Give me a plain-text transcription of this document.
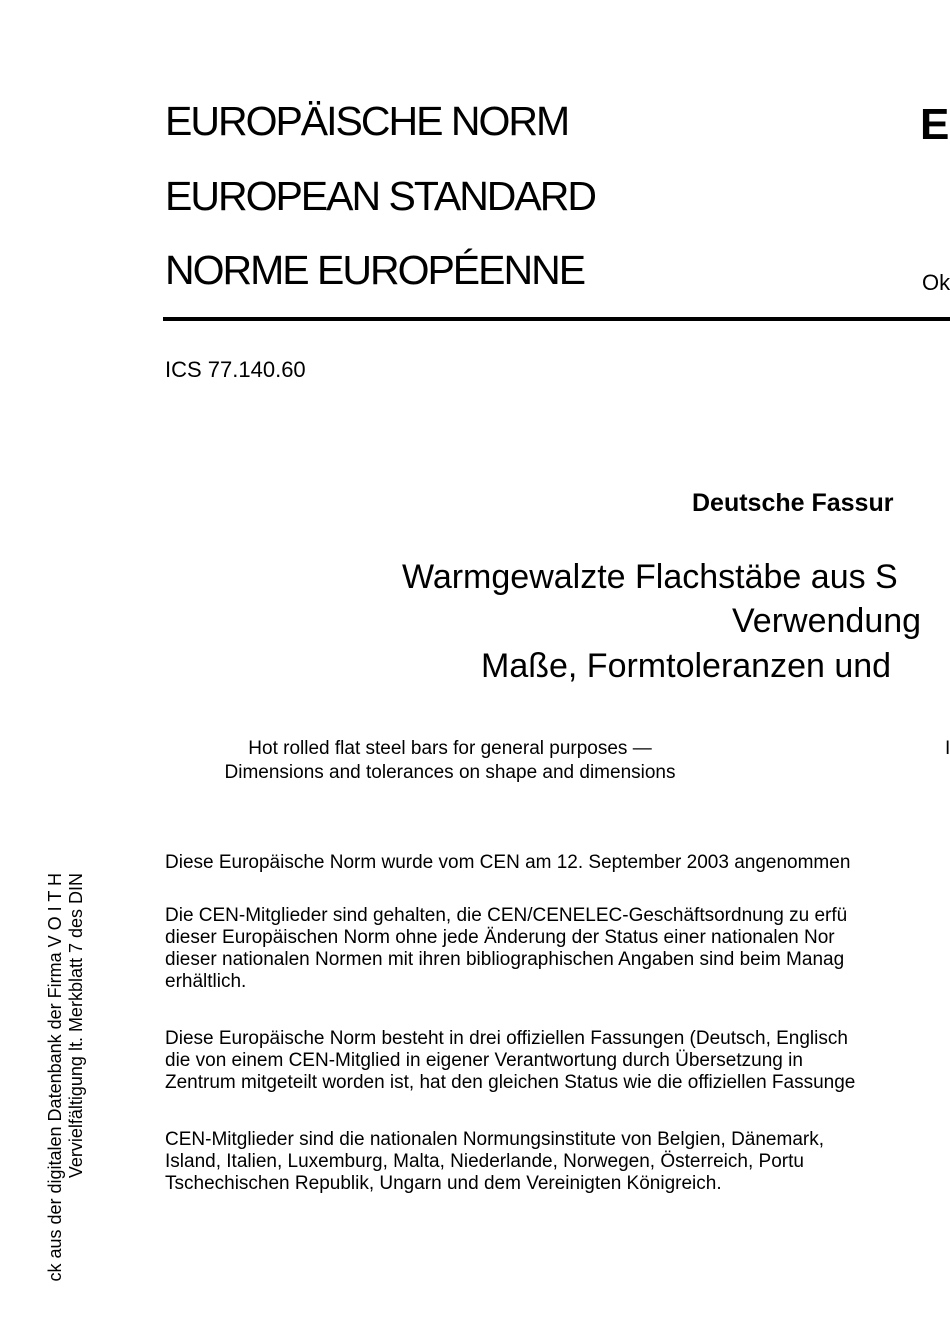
EUROPÄISCHE NORM
EUROPEAN STANDARD
NORME EUROPÉENNE
E
Ok
ICS 77.140.60
Deutsche Fassur
Warmgewalzte Flachstäbe aus S
Verwendung
Maße, Formtoleranzen und
Hot rolled flat steel bars for general purposes —
Dimensions and tolerances on shape and dimensions
I
Diese Europäische Norm wurde vom CEN am 12. September 2003 angenommen
Die CEN-Mitglieder sind gehalten, die CEN/CENELEC-Geschäftsordnung zu erfü
dieser Europäischen Norm ohne jede Änderung der Status einer nationalen Nor
dieser nationalen Normen mit ihren bibliographischen Angaben sind beim Manag
erhältlich.
Diese Europäische Norm besteht in drei offiziellen Fassungen (Deutsch, Englisch
die von einem CEN-Mitglied in eigener Verantwortung durch Übersetzung in
Zentrum mitgeteilt worden ist, hat den gleichen Status wie die offiziellen Fassunge
CEN-Mitglieder sind die nationalen Normungsinstitute von Belgien, Dänemark,
Island, Italien, Luxemburg, Malta, Niederlande, Norwegen, Österreich, Portu
Tschechischen Republik, Ungarn und dem Vereinigten Königreich.
ck aus der digitalen Datenbank der Firma V O I T H Vervielfältigung lt. Merkblatt 7 des DIN
